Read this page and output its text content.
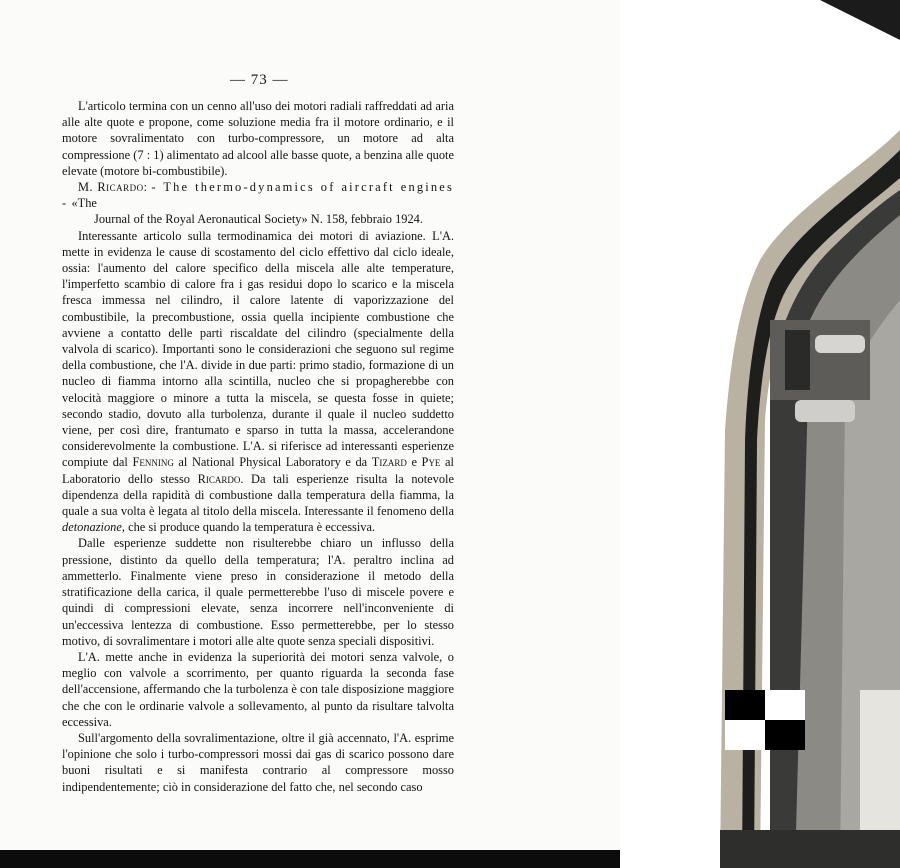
— 73 —

L'articolo termina con un cenno all'uso dei motori radiali raffreddati ad aria alle alte quote e propone, come soluzione media fra il motore ordinario, e il motore sovralimentato con turbo-compressore, un motore ad alta compressione (7 : 1) alimentato ad alcool alle basse quote, a benzina alle quote elevate (motore bi-combustibile).

M. Ricardo: - The thermo-dynamics of aircraft engines - «The
Journal of the Royal Aeronautical Society» N. 158, febbraio 1924.

Interessante articolo sulla termodinamica dei motori di aviazione. L'A. mette in evidenza le cause di scostamento del ciclo effettivo dal ciclo ideale, ossia: l'aumento del calore specifico della miscela alle alte temperature, l'imperfetto scambio di calore fra i gas residui dopo lo scarico e la miscela fresca immessa nel cilindro, il calore latente di vaporizzazione del combustibile, la precombustione, ossia quella incipiente combustione che avviene a contatto delle parti riscaldate del cilindro (specialmente della valvola di scarico). Importanti sono le considerazioni che seguono sul regime della combustione, che l'A. divide in due parti: primo stadio, formazione di un nucleo di fiamma intorno alla scintilla, nucleo che si propagherebbe con velocità maggiore o minore a tutta la miscela, se questa fosse in quiete; secondo stadio, dovuto alla turbolenza, durante il quale il nucleo suddetto viene, per così dire, frantumato e sparso in tutta la massa, accelerandone considerevolmente la combustione. L'A. si riferisce ad interessanti esperienze compiute dal Fenning al National Physical Laboratory e da Tizard e Pye al Laboratorio dello stesso Ricardo. Da tali esperienze risulta la notevole dipendenza della rapidità di combustione dalla temperatura della fiamma, la quale a sua volta è legata al titolo della miscela. Interessante il fenomeno della detonazione, che si produce quando la temperatura è eccessiva.

Dalle esperienze suddette non risulterebbe chiaro un influsso della pressione, distinto da quello della temperatura; l'A. peraltro inclina ad ammetterlo. Finalmente viene preso in considerazione il metodo della stratificazione della carica, il quale permetterebbe l'uso di miscele povere e quindi di compressioni elevate, senza incorrere nell'inconveniente di un'eccessiva lentezza di combustione. Esso permetterebbe, per lo stesso motivo, di sovralimentare i motori alle alte quote senza speciali dispositivi.

L'A. mette anche in evidenza la superiorità dei motori senza valvole, o meglio con valvole a scorrimento, per quanto riguarda la seconda fase dell'accensione, affermando che la turbolenza è con tale disposizione maggiore che che con le ordinarie valvole a sollevamento, al punto da risultare talvolta eccessiva.

Sull'argomento della sovralimentazione, oltre il già accennato, l'A. esprime l'opinione che solo i turbo-compressori mossi dai gas di scarico possono dare buoni risultati e si manifesta contrario al compressore mosso indipendentemente; ciò in considerazione del fatto che, nel secondo caso
